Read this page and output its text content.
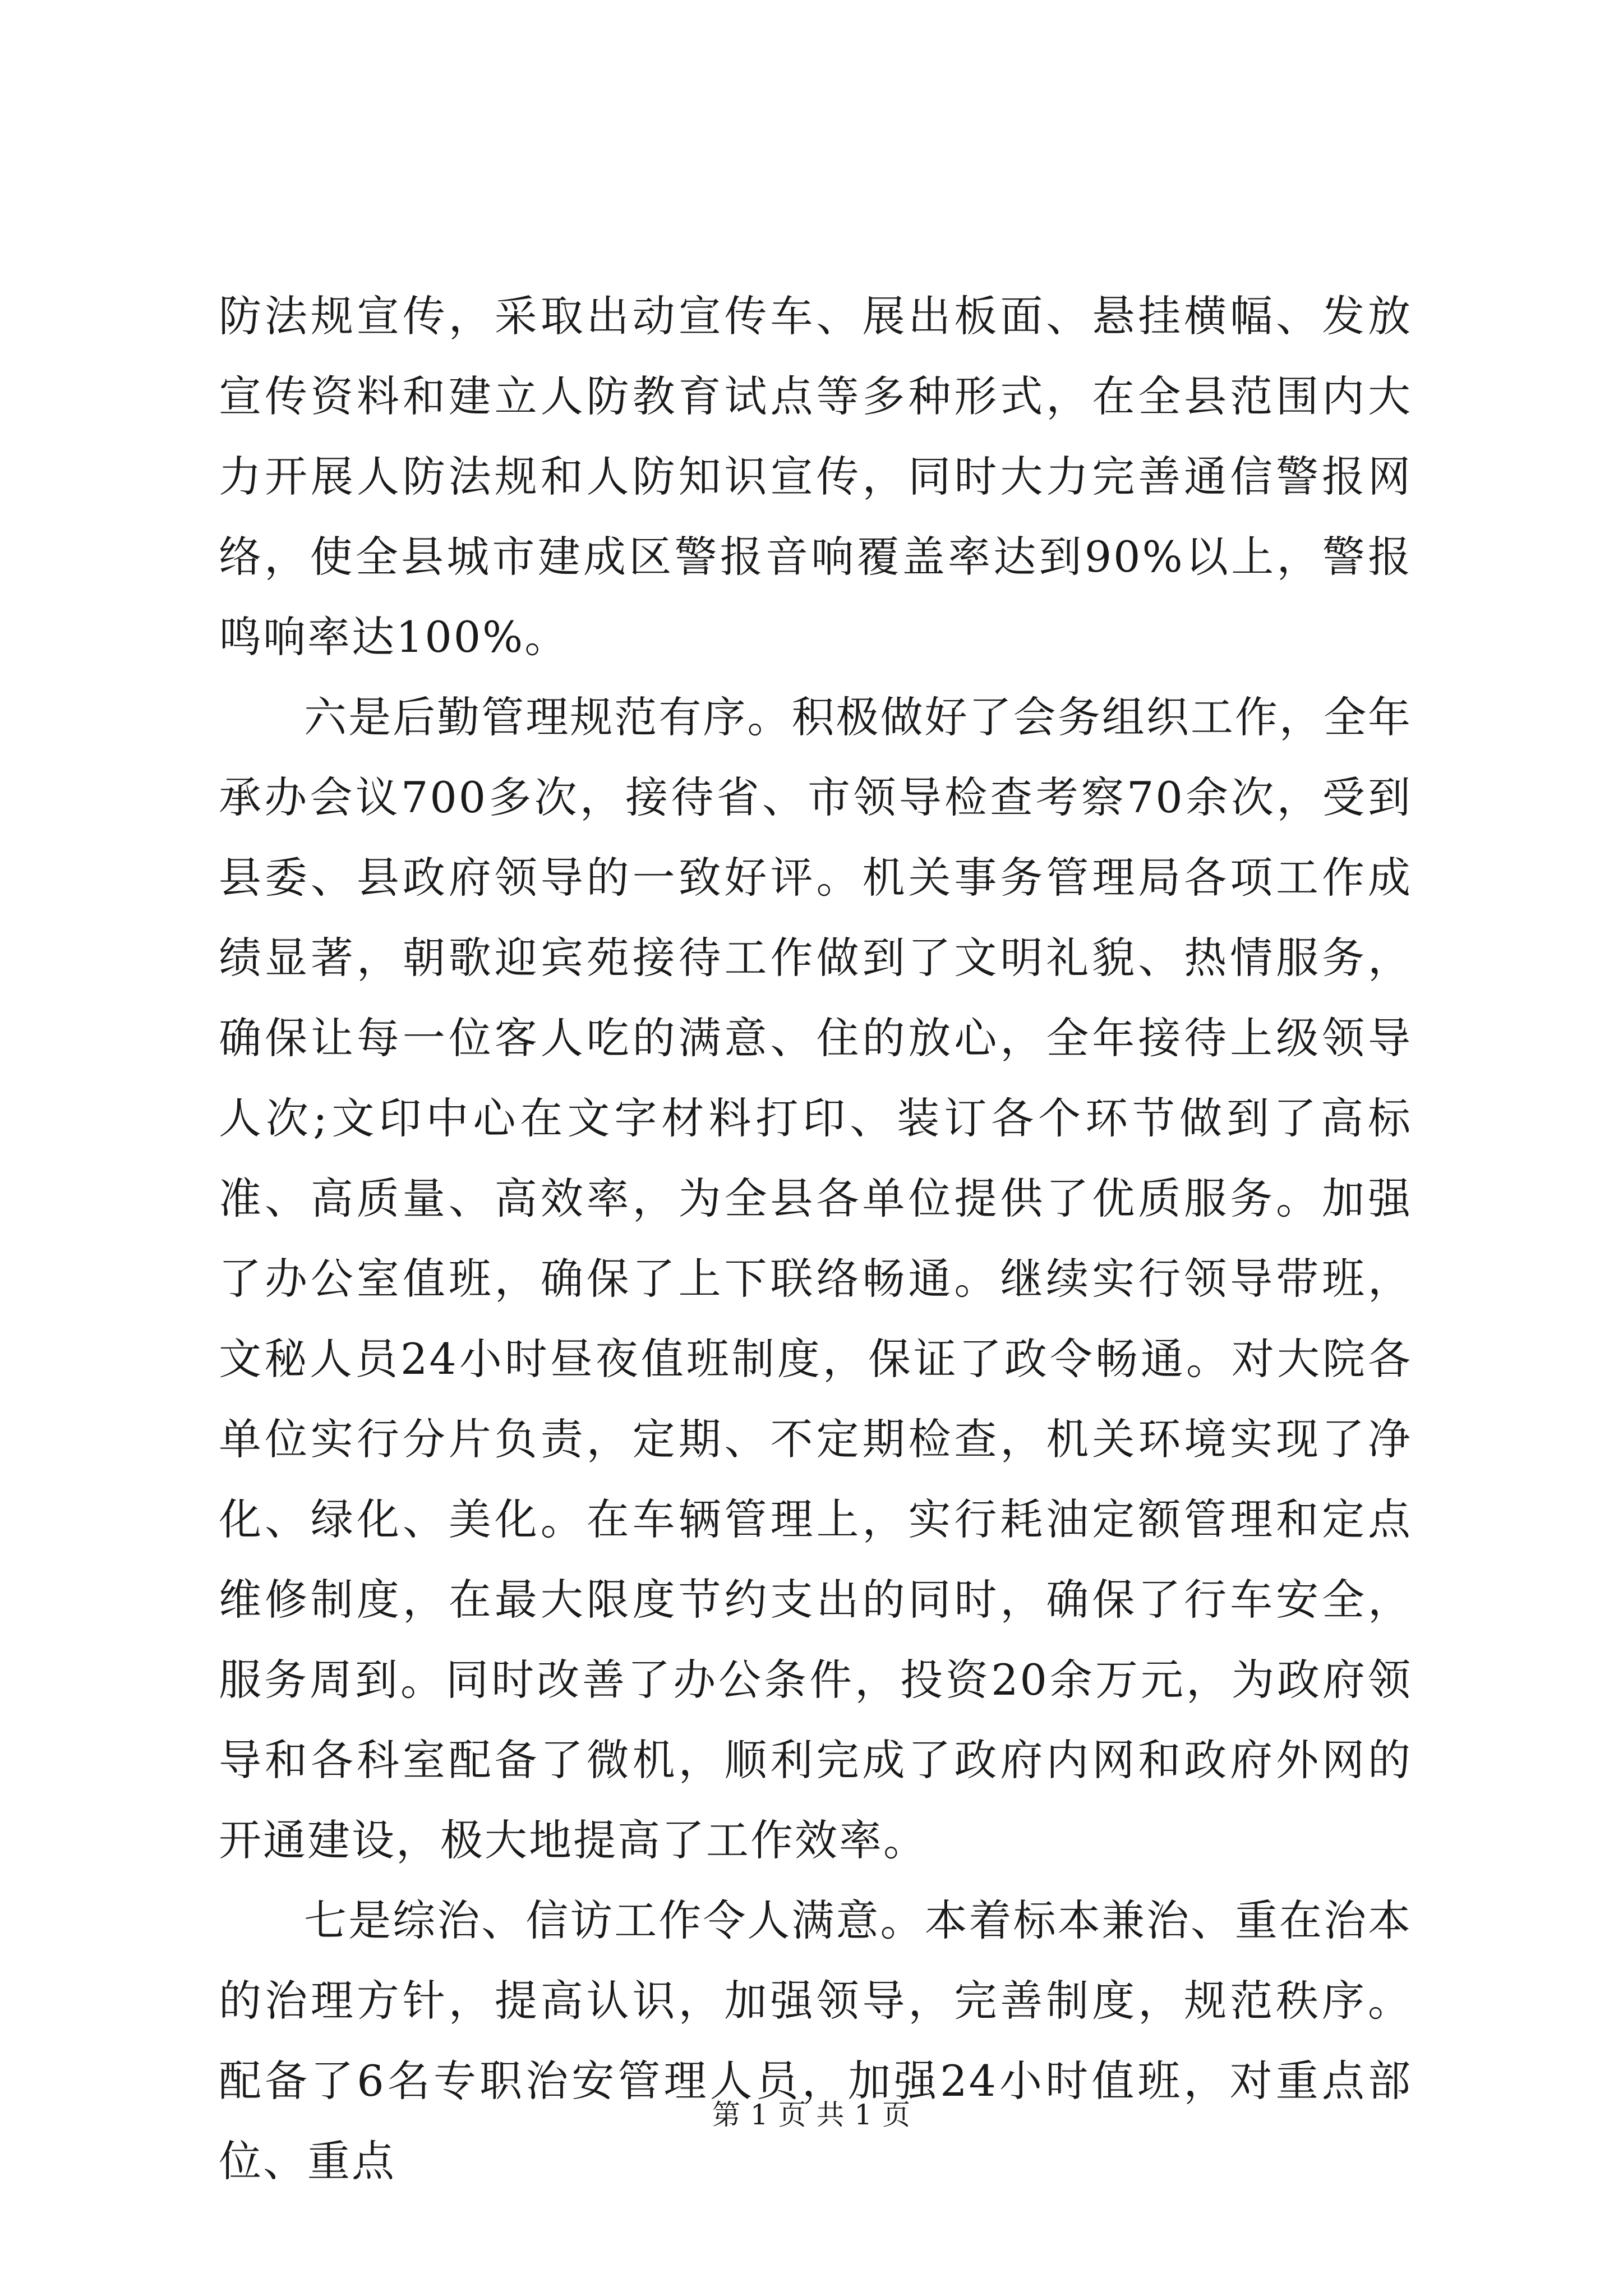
防法规宣传，采取出动宣传车、展出板面、悬挂横幅、发放宣传资料和建立人防教育试点等多种形式，在全县范围内大力开展人防法规和人防知识宣传，同时大力完善通信警报网络，使全县城市建成区警报音响覆盖率达到90%以上，警报鸣响率达100%。

六是后勤管理规范有序。积极做好了会务组织工作，全年承办会议700多次，接待省、市领导检查考察70余次，受到县委、县政府领导的一致好评。机关事务管理局各项工作成绩显著，朝歌迎宾苑接待工作做到了文明礼貌、热情服务，确保让每一位客人吃的满意、住的放心，全年接待上级领导人次;文印中心在文字材料打印、装订各个环节做到了高标准、高质量、高效率，为全县各单位提供了优质服务。加强了办公室值班，确保了上下联络畅通。继续实行领导带班，文秘人员24小时昼夜值班制度，保证了政令畅通。对大院各单位实行分片负责，定期、不定期检查，机关环境实现了净化、绿化、美化。在车辆管理上，实行耗油定额管理和定点维修制度，在最大限度节约支出的同时，确保了行车安全，服务周到。同时改善了办公条件，投资20余万元，为政府领导和各科室配备了微机，顺利完成了政府内网和政府外网的开通建设，极大地提高了工作效率。

七是综治、信访工作令人满意。本着标本兼治、重在治本的治理方针，提高认识，加强领导，完善制度，规范秩序。配备了6名专职治安管理人员，加强24小时值班，对重点部位、重点

第 1 页 共 1 页
